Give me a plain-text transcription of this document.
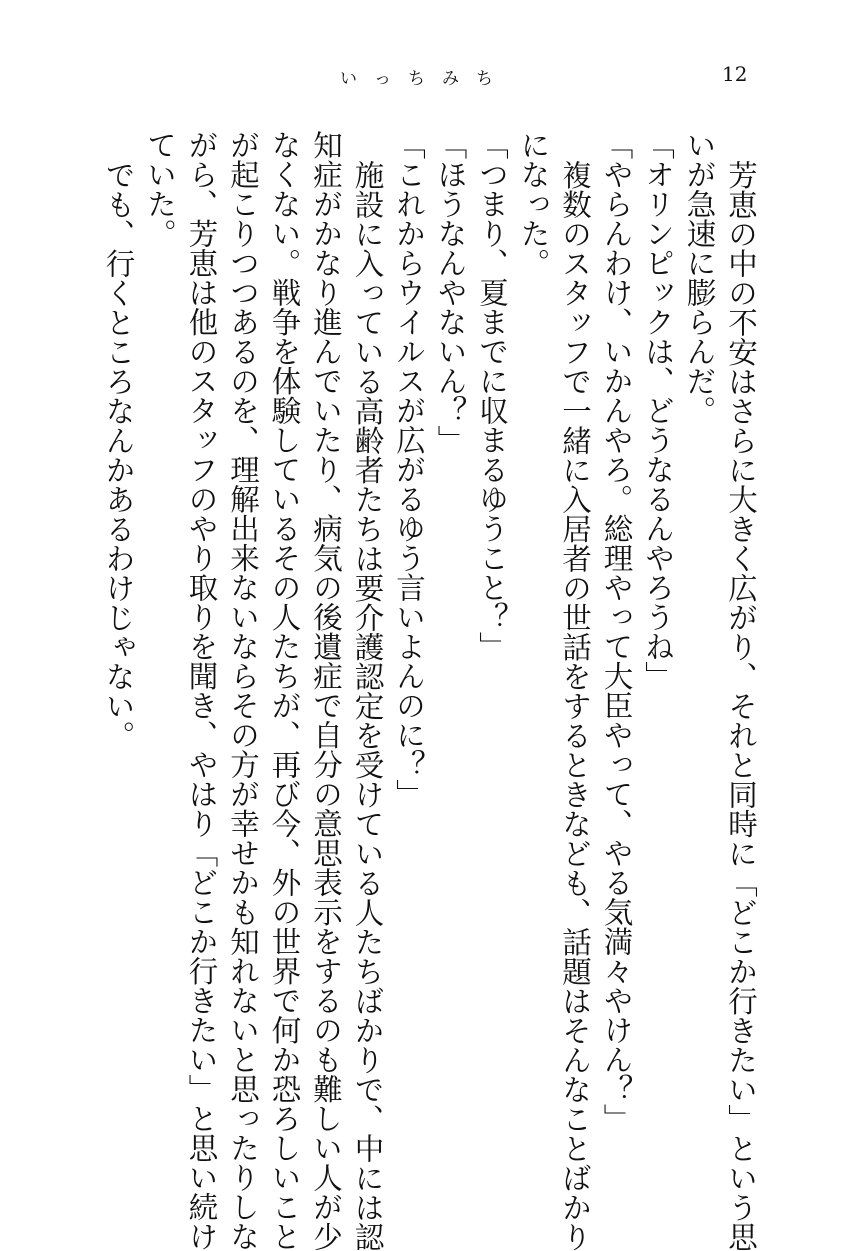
いっちみち	12
芳恵の中の不安はさらに大きく広がり、それと同時に「どこか行きたい」という思
いが急速に膨らんだ。
「オリンピックは、どうなるんやろうね」
「やらんわけ、いかんやろ。総理やって大臣やって、やる気満々やけん？」
複数のスタッフで一緒に入居者の世話をするときなども、話題はそんなことばかり
になった。
「つまり、夏までに収まるゆうこと？」
「ほうなんやないん？」
「これからウイルスが広がるゆう言いよんのに？」
施設に入っている高齢者たちは要介護認定を受けている人たちばかりで、中には認
知症がかなり進んでいたり、病気の後遺症で自分の意思表示をするのも難しい人が少
なくない。戦争を体験しているその人たちが、再び今、外の世界で何か恐ろしいこと
が起こりつつあるのを、理解出来ないならその方が幸せかも知れないと思ったりしな
がら、芳恵は他のスタッフのやり取りを聞き、やはり「どこか行きたい」と思い続け
ていた。
でも、行くところなんかあるわけじゃない。
